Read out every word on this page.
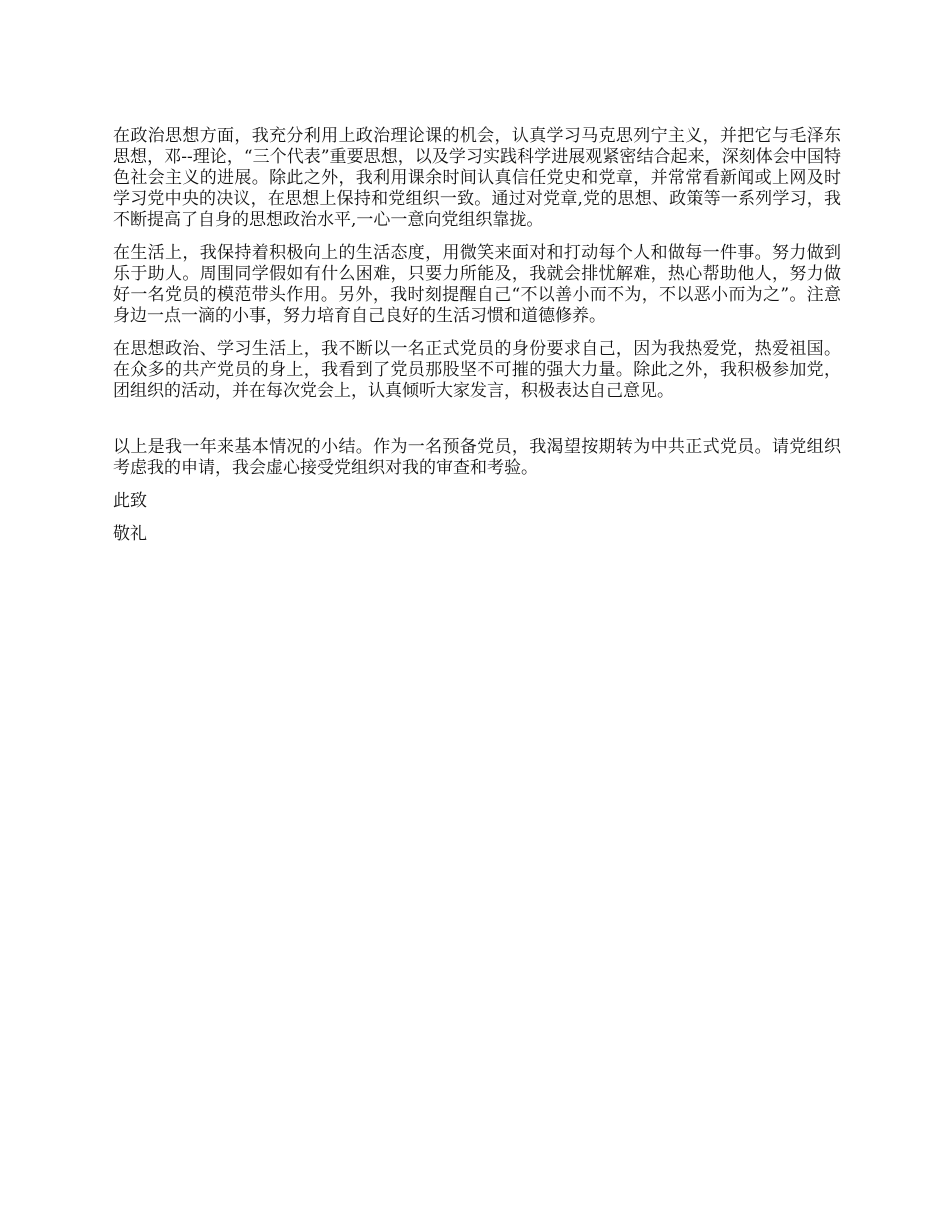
在政治思想方面，我充分利用上政治理论课的机会，认真学习马克思列宁主义，并把它与毛泽东思想，邓--理论，“三个代表”重要思想，以及学习实践科学进展观紧密结合起来，深刻体会中国特色社会主义的进展。除此之外，我利用课余时间认真信任党史和党章，并常常看新闻或上网及时学习党中央的决议，在思想上保持和党组织一致。通过对党章,党的思想、政策等一系列学习，我不断提高了自身的思想政治水平,一心一意向党组织靠拢。

在生活上，我保持着积极向上的生活态度，用微笑来面对和打动每个人和做每一件事。努力做到乐于助人。周围同学假如有什么困难，只要力所能及，我就会排忧解难，热心帮助他人，努力做好一名党员的模范带头作用。另外，我时刻提醒自己“不以善小而不为，不以恶小而为之”。注意身边一点一滴的小事，努力培育自己良好的生活习惯和道德修养。

在思想政治、学习生活上，我不断以一名正式党员的身份要求自己，因为我热爱党，热爱祖国。在众多的共产党员的身上，我看到了党员那股坚不可摧的强大力量。除此之外，我积极参加党，团组织的活动，并在每次党会上，认真倾听大家发言，积极表达自己意见。

以上是我一年来基本情况的小结。作为一名预备党员，我渴望按期转为中共正式党员。请党组织考虑我的申请，我会虚心接受党组织对我的审查和考验。

此致

敬礼
